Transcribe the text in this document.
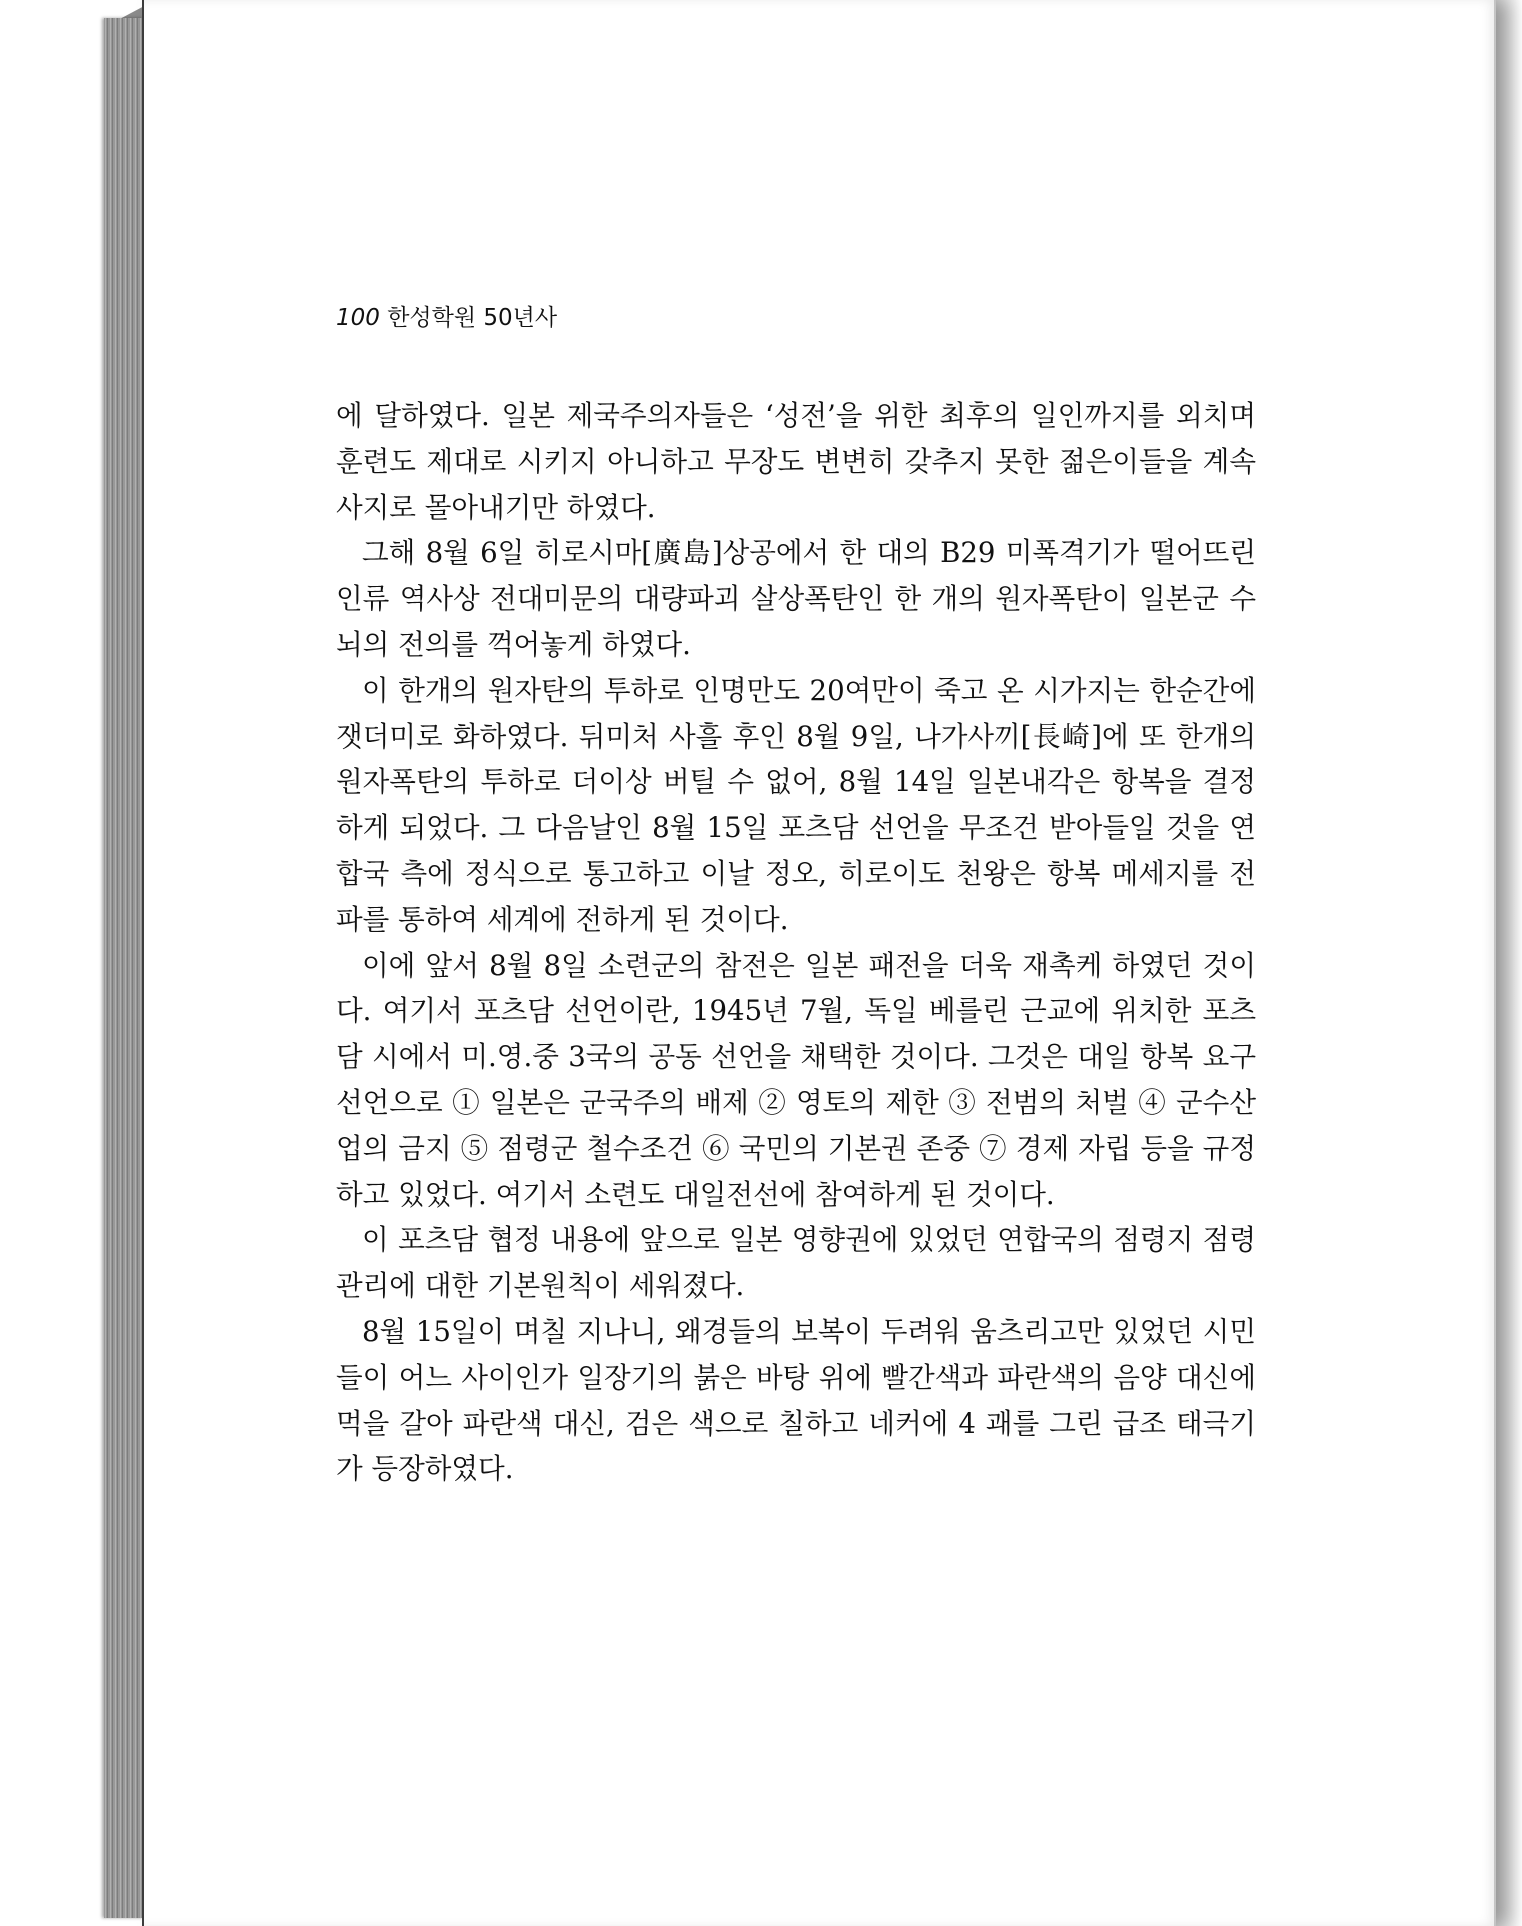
100 한성학원 50년사

에 달하였다. 일본 제국주의자들은 ‘성전’을 위한 최후의 일인까지를 외치며 훈련도 제대로 시키지 아니하고 무장도 변변히 갖추지 못한 젊은이들을 계속 사지로 몰아내기만 하였다.

그해 8월 6일 히로시마[廣島]상공에서 한 대의 B29 미폭격기가 떨어뜨린 인류 역사상 전대미문의 대량파괴 살상폭탄인 한 개의 원자폭탄이 일본군 수뇌의 전의를 꺽어놓게 하였다.

이 한개의 원자탄의 투하로 인명만도 20여만이 죽고 온 시가지는 한순간에 잿더미로 화하였다. 뒤미처 사흘 후인 8월 9일, 나가사끼[長崎]에 또 한개의 원자폭탄의 투하로 더이상 버틸 수 없어, 8월 14일 일본내각은 항복을 결정하게 되었다. 그 다음날인 8월 15일 포츠담 선언을 무조건 받아들일 것을 연합국 측에 정식으로 통고하고 이날 정오, 히로이도 천왕은 항복 메세지를 전파를 통하여 세계에 전하게 된 것이다.

이에 앞서 8월 8일 소련군의 참전은 일본 패전을 더욱 재촉케 하였던 것이다. 여기서 포츠담 선언이란, 1945년 7월, 독일 베를린 근교에 위치한 포츠담 시에서 미.영.중 3국의 공동 선언을 채택한 것이다. 그것은 대일 항복 요구 선언으로 ① 일본은 군국주의 배제 ② 영토의 제한 ③ 전범의 처벌 ④ 군수산업의 금지 ⑤ 점령군 철수조건 ⑥ 국민의 기본권 존중 ⑦ 경제 자립 등을 규정하고 있었다. 여기서 소련도 대일전선에 참여하게 된 것이다.

이 포츠담 협정 내용에 앞으로 일본 영향권에 있었던 연합국의 점령지 점령관리에 대한 기본원칙이 세워졌다.

8월 15일이 며칠 지나니, 왜경들의 보복이 두려워 움츠리고만 있었던 시민들이 어느 사이인가 일장기의 붉은 바탕 위에 빨간색과 파란색의 음양 대신에 먹을 갈아 파란색 대신, 검은 색으로 칠하고 네커에 4 괘를 그린 급조 태극기가 등장하였다.
